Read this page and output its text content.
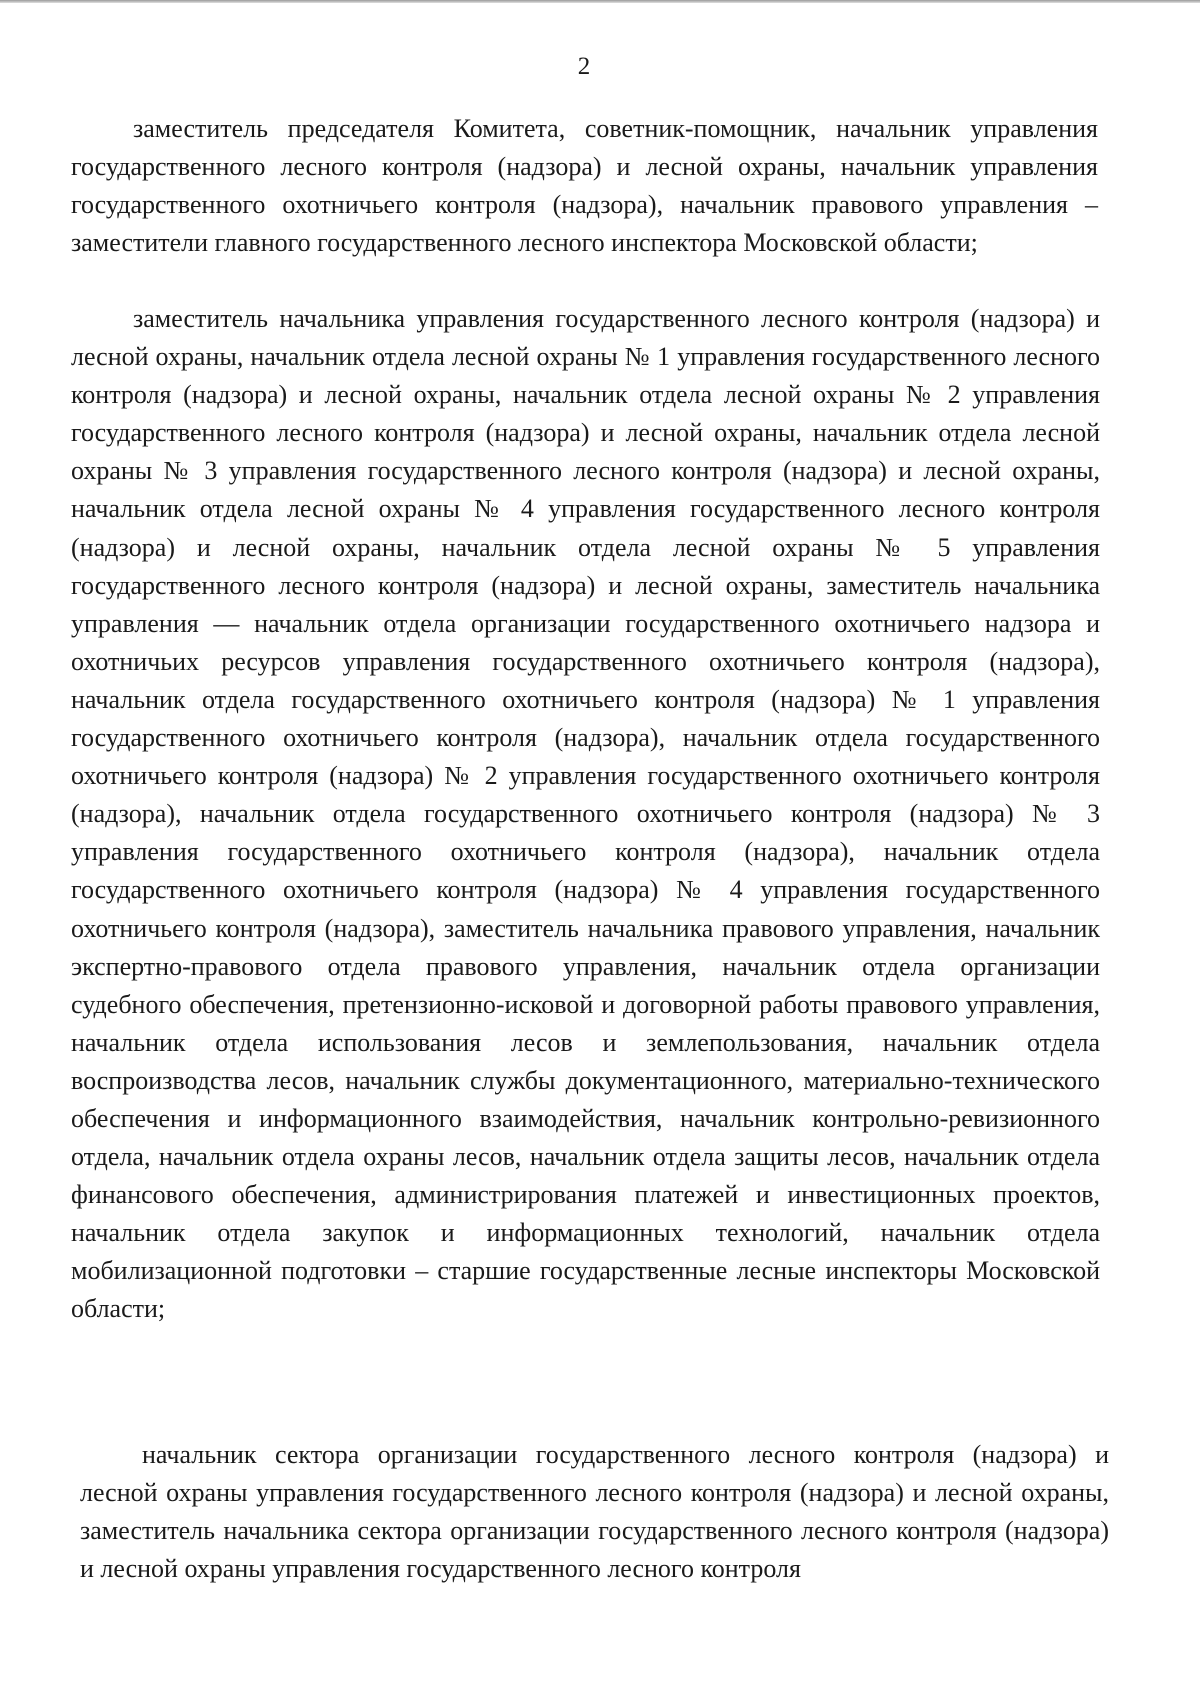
2

заместитель председателя Комитета, советник-помощник, начальник управления государственного лесного контроля (надзора) и лесной охраны, начальник управления государственного охотничьего контроля (надзора), начальник правового управления – заместители главного государственного лесного инспектора Московской области;

заместитель начальника управления государственного лесного контроля (надзора) и лесной охраны, начальник отдела лесной охраны № 1 управления государственного лесного контроля (надзора) и лесной охраны, начальник отдела лесной охраны № 2 управления государственного лесного контроля (надзора) и лесной охраны, начальник отдела лесной охраны № 3 управления государственного лесного контроля (надзора) и лесной охраны, начальник отдела лесной охраны № 4 управления государственного лесного контроля (надзора) и лесной охраны, начальник отдела лесной охраны № 5 управления государственного лесного контроля (надзора) и лесной охраны, заместитель начальника управления — начальник отдела организации государственного охотничьего надзора и охотничьих ресурсов управления государственного охотничьего контроля (надзора), начальник отдела государственного охотничьего контроля (надзора) № 1 управления государственного охотничьего контроля (надзора), начальник отдела государственного охотничьего контроля (надзора) № 2 управления государственного охотничьего контроля (надзора), начальник отдела государственного охотничьего контроля (надзора) № 3 управления государственного охотничьего контроля (надзора), начальник отдела государственного охотничьего контроля (надзора) № 4 управления государственного охотничьего контроля (надзора), заместитель начальника правового управления, начальник экспертно-правового отдела правового управления, начальник отдела организации судебного обеспечения, претензионно-исковой и договорной работы правового управления, начальник отдела использования лесов и землепользования, начальник отдела воспроизводства лесов, начальник службы документационного, материально-технического обеспечения и информационного взаимодействия, начальник контрольно-ревизионного отдела, начальник отдела охраны лесов, начальник отдела защиты лесов, начальник отдела финансового обеспечения, администрирования платежей и инвестиционных проектов, начальник отдела закупок и информационных технологий, начальник отдела мобилизационной подготовки – старшие государственные лесные инспекторы Московской области;

начальник сектора организации государственного лесного контроля (надзора) и лесной охраны управления государственного лесного контроля (надзора) и лесной охраны, заместитель начальника сектора организации государственного лесного контроля (надзора) и лесной охраны управления государственного лесного контроля
